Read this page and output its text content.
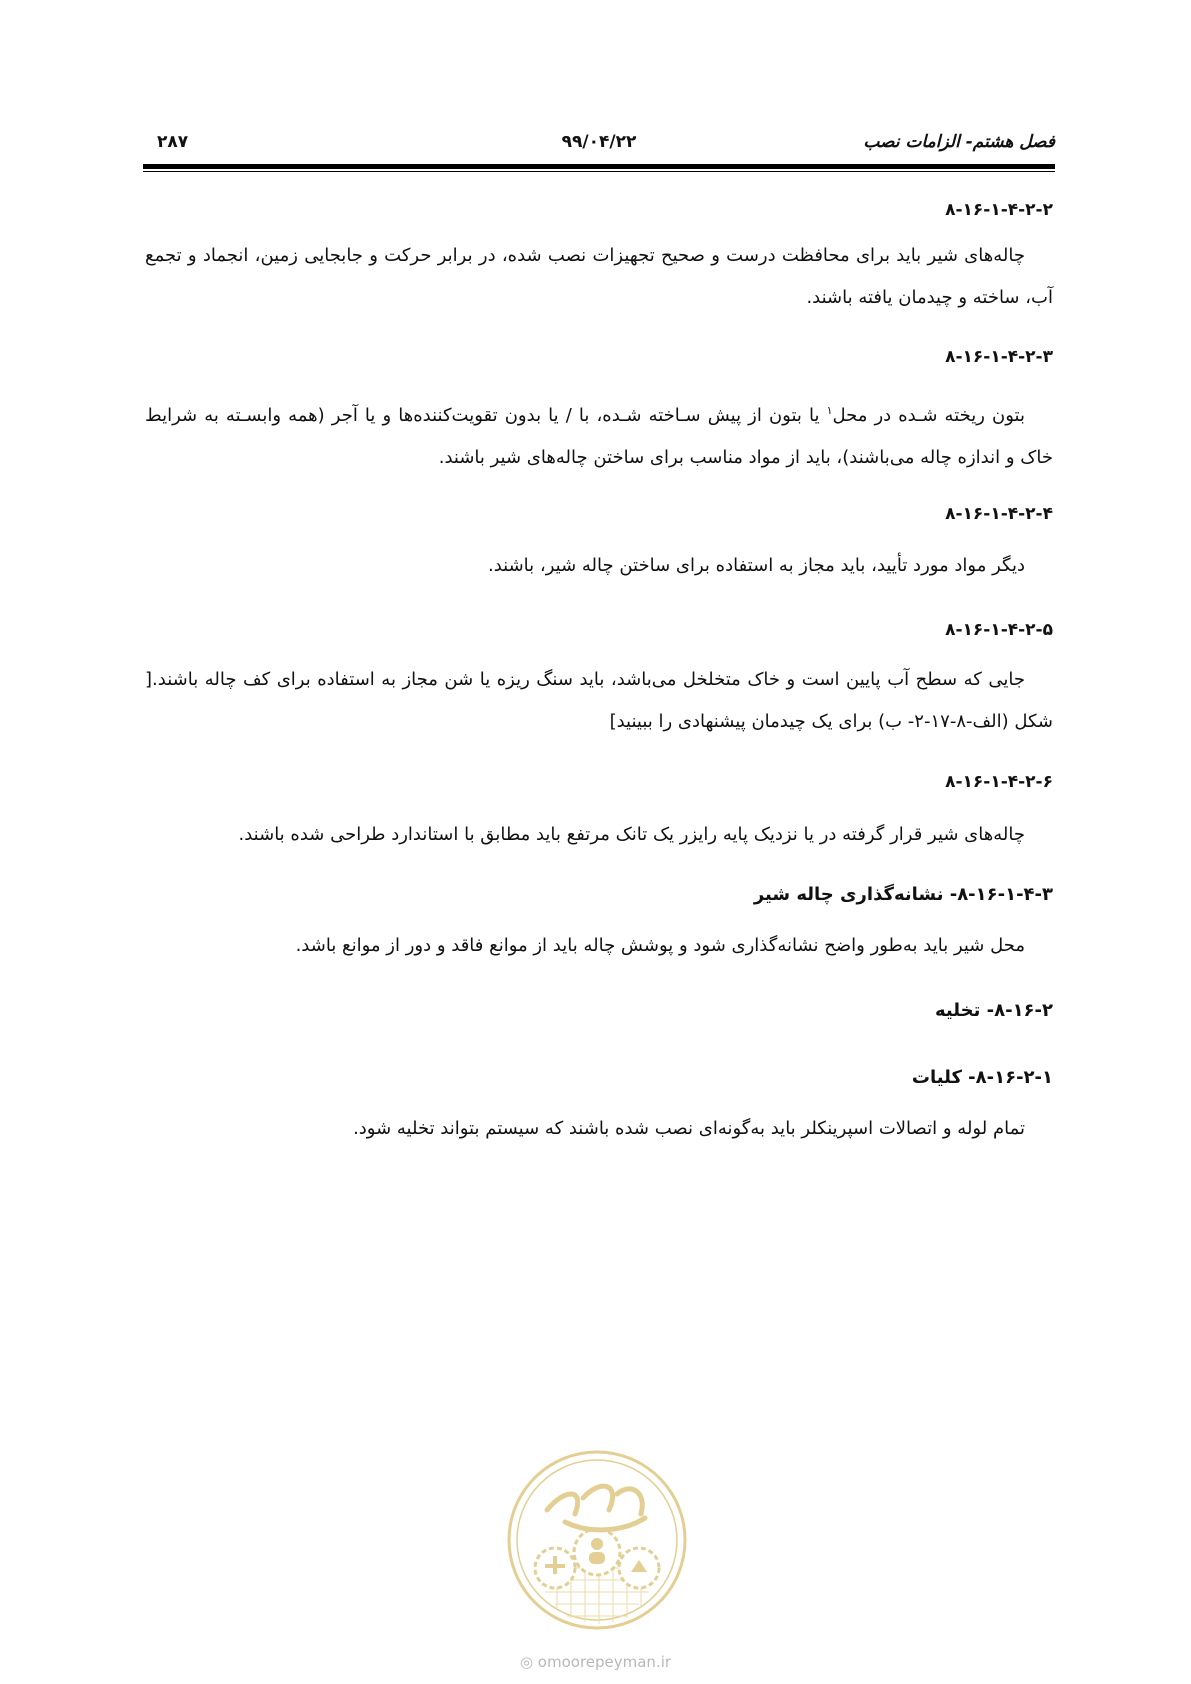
فصل هشتم- الزامات نصب
۹۹/۰۴/۲۲
۲۸۷
۸-۱۶-۱-۴-۲-۲
چاله‌های شیر باید برای محافظت درست و صحیح تجهیزات نصب شده، در برابر حرکت و جابجایی زمین، انجماد و تجمع آب، ساخته و چیدمان یافته باشند.
۸-۱۶-۱-۴-۲-۳
بتون ریخته شـده در محل$^۱$ یا بتون از پیش سـاخته شـده، با / یا بدون تقویت‌کننده‌ها و یا آجر (همه وابسـته به شرایط خاک و اندازه چاله می‌باشند)، باید از مواد مناسب برای ساختن چاله‌های شیر باشند.
۸-۱۶-۱-۴-۲-۴
دیگر مواد مورد تأیید، باید مجاز به استفاده برای ساختن چاله شیر، باشند.
۸-۱۶-۱-۴-۲-۵
جایی که سطح آب پایین است و خاک متخلخل می‌باشد، باید سنگ ریزه یا شن مجاز به استفاده برای کف چاله باشند.[ شکل (الف-۸-۱۷-۲- ب) برای یک چیدمان پیشنهادی را ببینید]
۸-۱۶-۱-۴-۲-۶
چاله‌های شیر قرار گرفته در یا نزدیک پایه رایزر یک تانک مرتفع باید مطابق با استاندارد طراحی شده باشند.
۸-۱۶-۱-۴-۳- نشانه‌گذاری چاله شیر
محل شیر باید به‌طور واضح نشانه‌گذاری شود و پوشش چاله باید از موانع فاقد و دور از موانع باشد.
۸-۱۶-۲- تخلیه
۸-۱۶-۲-۱- کلیات
تمام لوله و اتصالات اسپرینکلر باید به‌گونه‌ای نصب شده باشند که سیستم بتواند تخلیه شود.
◎ omoorepeyman.ir
